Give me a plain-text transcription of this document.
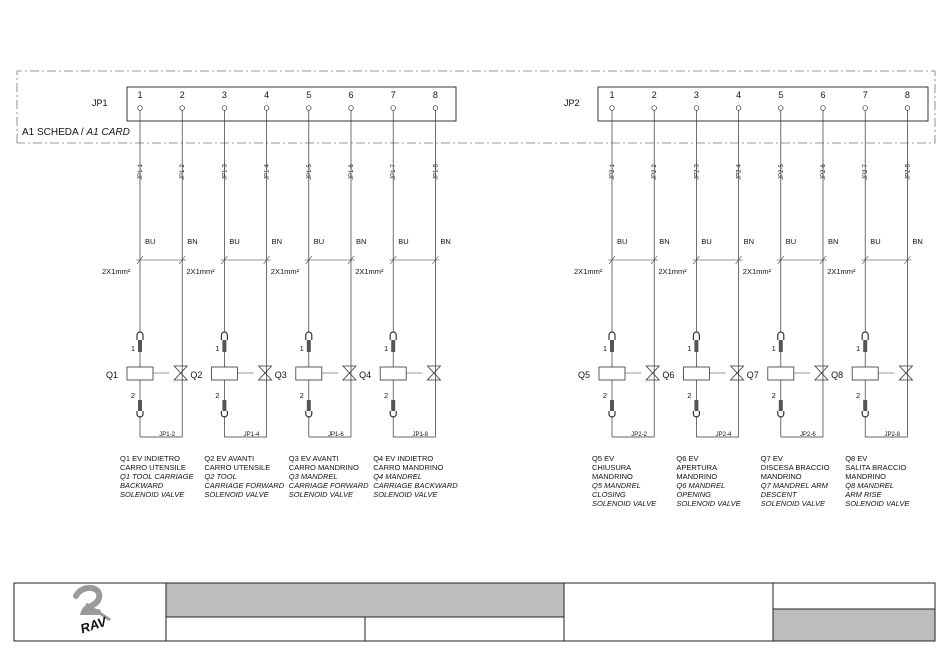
A1 SCHEDA / A1 CARD
JP1
1
JP1-1
2
JP1-2
3
JP1-3
4
JP1-4
5
JP1-5
6
JP1-6
7
JP1-7
8
JP1-8
JP1-2
BU	BN
2X1mm²
1
Q1
2
Q1 EV INDIETRO
CARRO UTENSILE
Q1 TOOL CARRIAGE
BACKWARD
SOLENOID VALVE
JP1-4
BU	BN
2X1mm²
1
Q2
2
Q2 EV AVANTI
CARRO UTENSILE
Q2 TOOL
CARRIAGE FORWARD
SOLENOID VALVE
JP1-6
BU	BN
2X1mm²
1
Q3
2
Q3 EV AVANTI
CARRO MANDRINO
Q3 MANDREL
CARRIAGE FORWARD
SOLENOID VALVE
JP1-8
BU	BN
2X1mm²
1
Q4
2
Q4 EV INDIETRO
CARRO MANDRINO
Q4 MANDREL
CARRIAGE BACKWARD
SOLENOID VALVE
JP2
1
JP2-1
2
JP2-2
3
JP2-3
4
JP2-4
5
JP2-5
6
JP2-6
7
JP2-7
8
JP2-8
JP2-2
BU	BN
2X1mm²
1
Q5
2
Q5 EV
CHIUSURA
MANDRINO
Q5 MANDREL
CLOSING
SOLENOID VALVE
JP2-4
BU	BN
2X1mm²
1
Q6
2
Q6 EV
APERTURA
MANDRINO
Q6 MANDREL
OPENING
SOLENOID VALVE
JP2-6
BU	BN
2X1mm²
1
Q7
2
Q7 EV
DISCESA BRACCIO
MANDRINO
Q7 MANDREL ARM
DESCENT
SOLENOID VALVE
JP2-8
BU	BN
2X1mm²
1
Q8
2
Q8 EV
SALITA BRACCIO
MANDRINO
Q8 MANDREL
ARM RISE
SOLENOID VALVE
RAV
